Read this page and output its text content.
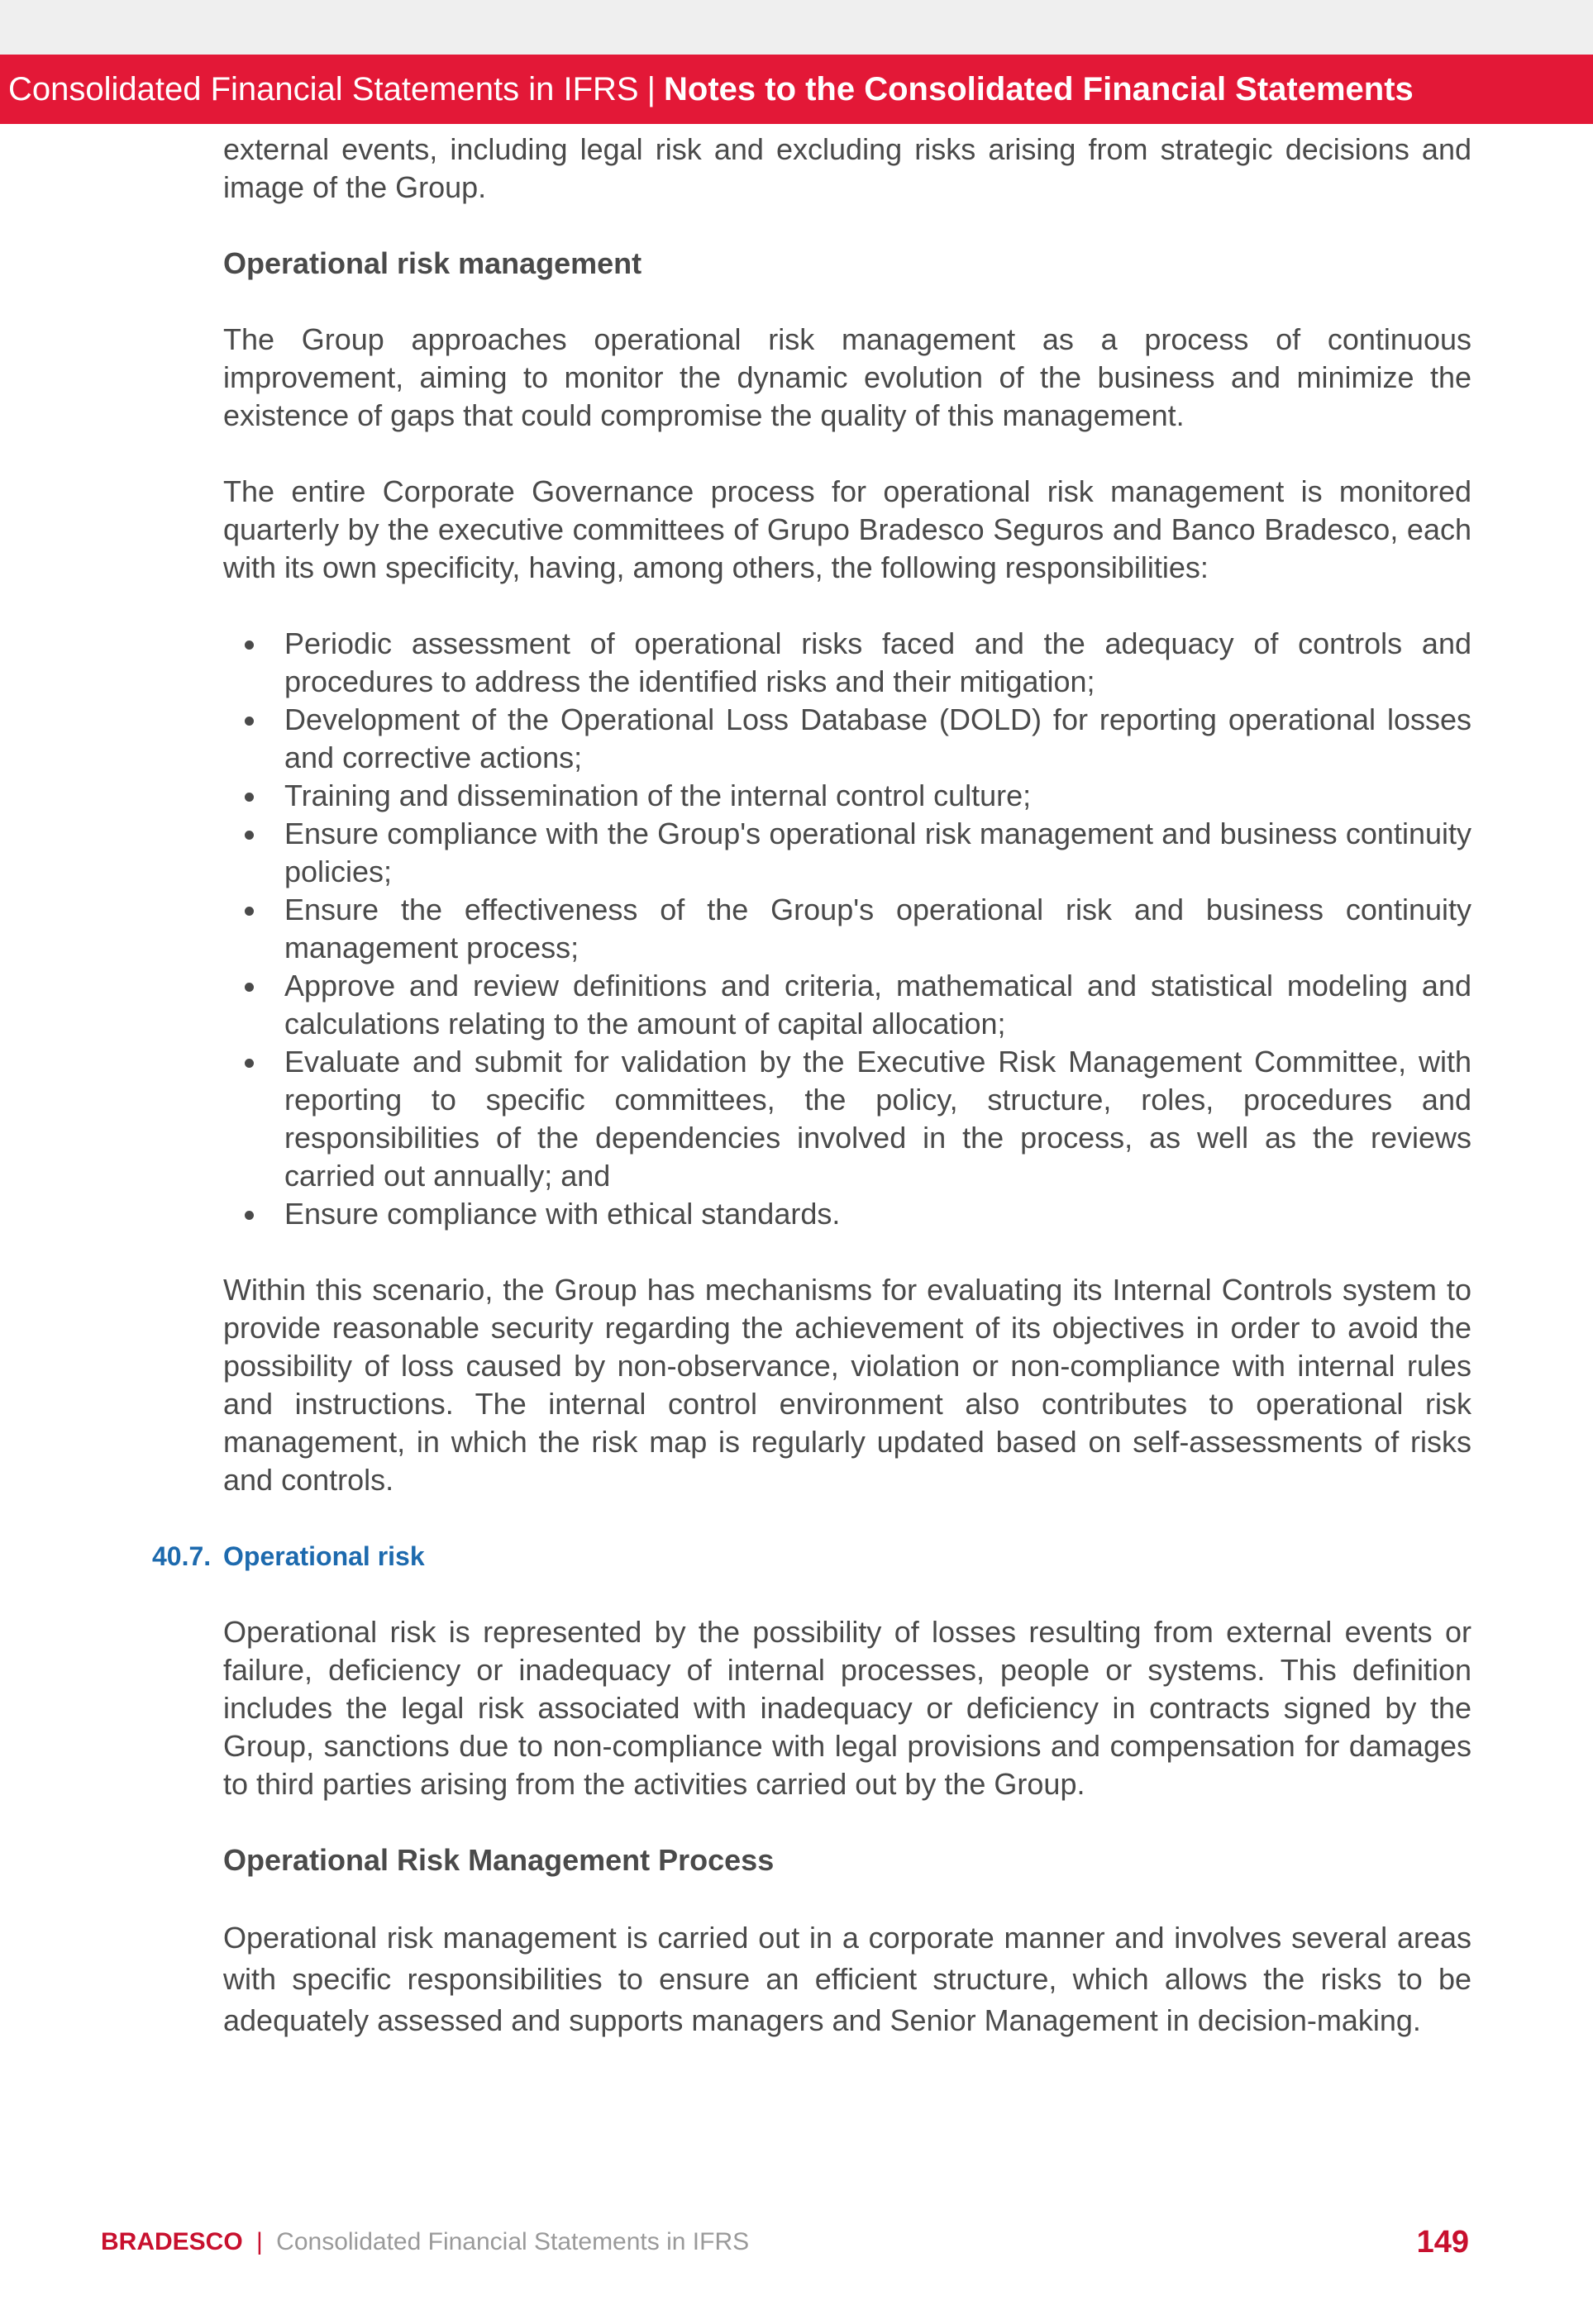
Consolidated Financial Statements in IFRS | Notes to the Consolidated Financial Statements

external events, including legal risk and excluding risks arising from strategic decisions and image of the Group.

Operational risk management

The Group approaches operational risk management as a process of continuous improvement, aiming to monitor the dynamic evolution of the business and minimize the existence of gaps that could compromise the quality of this management.

The entire Corporate Governance process for operational risk management is monitored quarterly by the executive committees of Grupo Bradesco Seguros and Banco Bradesco, each with its own specificity, having, among others, the following responsibilities:

Periodic assessment of operational risks faced and the adequacy of controls and procedures to address the identified risks and their mitigation;
Development of the Operational Loss Database (DOLD) for reporting operational losses and corrective actions;
Training and dissemination of the internal control culture;
Ensure compliance with the Group's operational risk management and business continuity policies;
Ensure the effectiveness of the Group's operational risk and business continuity management process;
Approve and review definitions and criteria, mathematical and statistical modeling and calculations relating to the amount of capital allocation;
Evaluate and submit for validation by the Executive Risk Management Committee, with reporting to specific committees, the policy, structure, roles, procedures and responsibilities of the dependencies involved in the process, as well as the reviews carried out annually; and
Ensure compliance with ethical standards.

Within this scenario, the Group has mechanisms for evaluating its Internal Controls system to provide reasonable security regarding the achievement of its objectives in order to avoid the possibility of loss caused by non-observance, violation or non-compliance with internal rules and instructions. The internal control environment also contributes to operational risk management, in which the risk map is regularly updated based on self-assessments of risks and controls.

40.7. Operational risk

Operational risk is represented by the possibility of losses resulting from external events or failure, deficiency or inadequacy of internal processes, people or systems. This definition includes the legal risk associated with inadequacy or deficiency in contracts signed by the Group, sanctions due to non-compliance with legal provisions and compensation for damages to third parties arising from the activities carried out by the Group.

Operational Risk Management Process

Operational risk management is carried out in a corporate manner and involves several areas with specific responsibilities to ensure an efficient structure, which allows the risks to be adequately assessed and supports managers and Senior Management in decision-making.

BRADESCO | Consolidated Financial Statements in IFRS	149
